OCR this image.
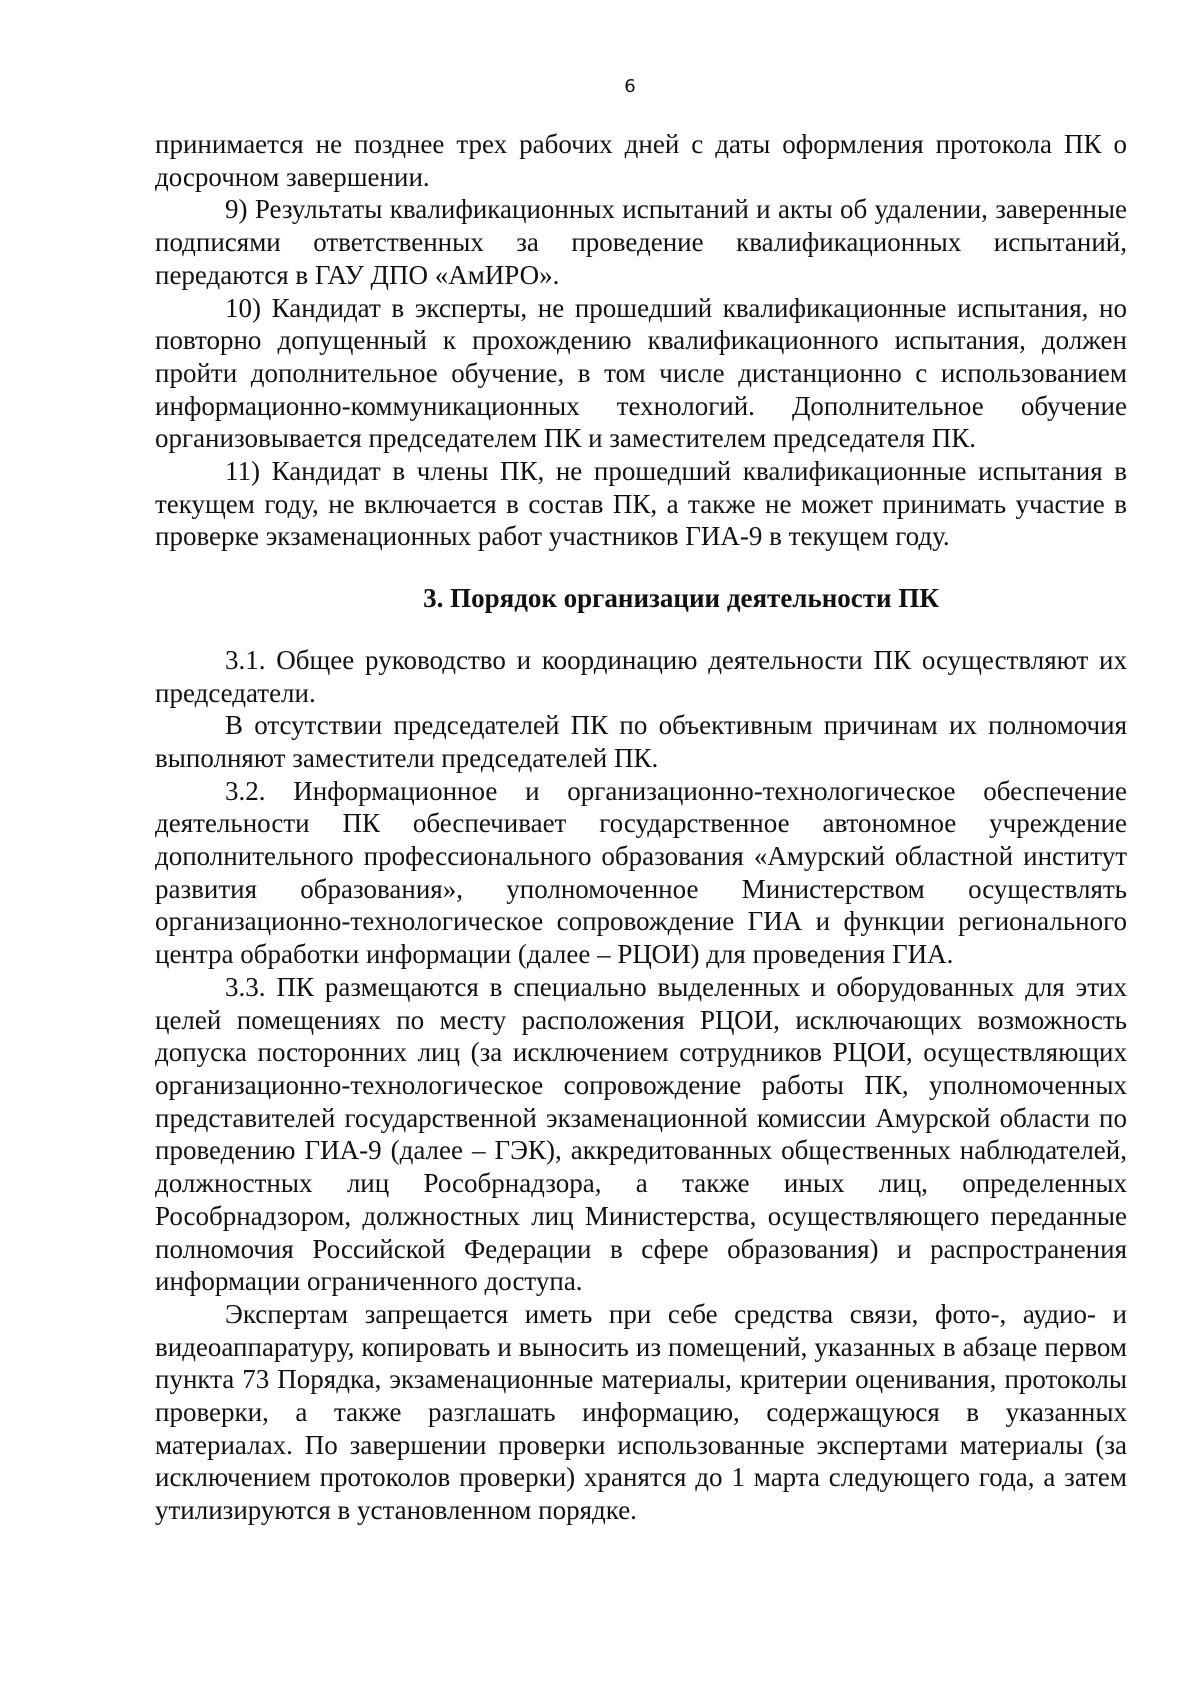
6

принимается не позднее трех рабочих дней с даты оформления протокола ПК о досрочном завершении.

9) Результаты квалификационных испытаний и акты об удалении, заверенные подписями ответственных за проведение квалификационных испытаний, передаются в ГАУ ДПО «АмИРО».

10) Кандидат в эксперты, не прошедший квалификационные испытания, но повторно допущенный к прохождению квалификационного испытания, должен пройти дополнительное обучение, в том числе дистанционно с использованием информационно-коммуникационных технологий. Дополнительное обучение организовывается председателем ПК и заместителем председателя ПК.

11) Кандидат в члены ПК, не прошедший квалификационные испытания в текущем году, не включается в состав ПК, а также не может принимать участие в проверке экзаменационных работ участников ГИА-9 в текущем году.

3. Порядок организации деятельности ПК

3.1. Общее руководство и координацию деятельности ПК осуществляют их председатели.

В отсутствии председателей ПК по объективным причинам их полномочия выполняют заместители председателей ПК.

3.2. Информационное и организационно-технологическое обеспечение деятельности ПК обеспечивает государственное автономное учреждение дополнительного профессионального образования «Амурский областной институт развития образования», уполномоченное Министерством осуществлять организационно-технологическое сопровождение ГИА и функции регионального центра обработки информации (далее – РЦОИ) для проведения ГИА.

3.3. ПК размещаются в специально выделенных и оборудованных для этих целей помещениях по месту расположения РЦОИ, исключающих возможность допуска посторонних лиц (за исключением сотрудников РЦОИ, осуществляющих организационно-технологическое сопровождение работы ПК, уполномоченных представителей государственной экзаменационной комиссии Амурской области по проведению ГИА-9 (далее – ГЭК), аккредитованных общественных наблюдателей, должностных лиц Рособрнадзора, а также иных лиц, определенных Рособрнадзором, должностных лиц Министерства, осуществляющего переданные полномочия Российской Федерации в сфере образования) и распространения информации ограниченного доступа.

Экспертам запрещается иметь при себе средства связи, фото-, аудио- и видеоаппаратуру, копировать и выносить из помещений, указанных в абзаце первом пункта 73 Порядка, экзаменационные материалы, критерии оценивания, протоколы проверки, а также разглашать информацию, содержащуюся в указанных материалах. По завершении проверки использованные экспертами материалы (за исключением протоколов проверки) хранятся до 1 марта следующего года, а затем утилизируются в установленном порядке.
